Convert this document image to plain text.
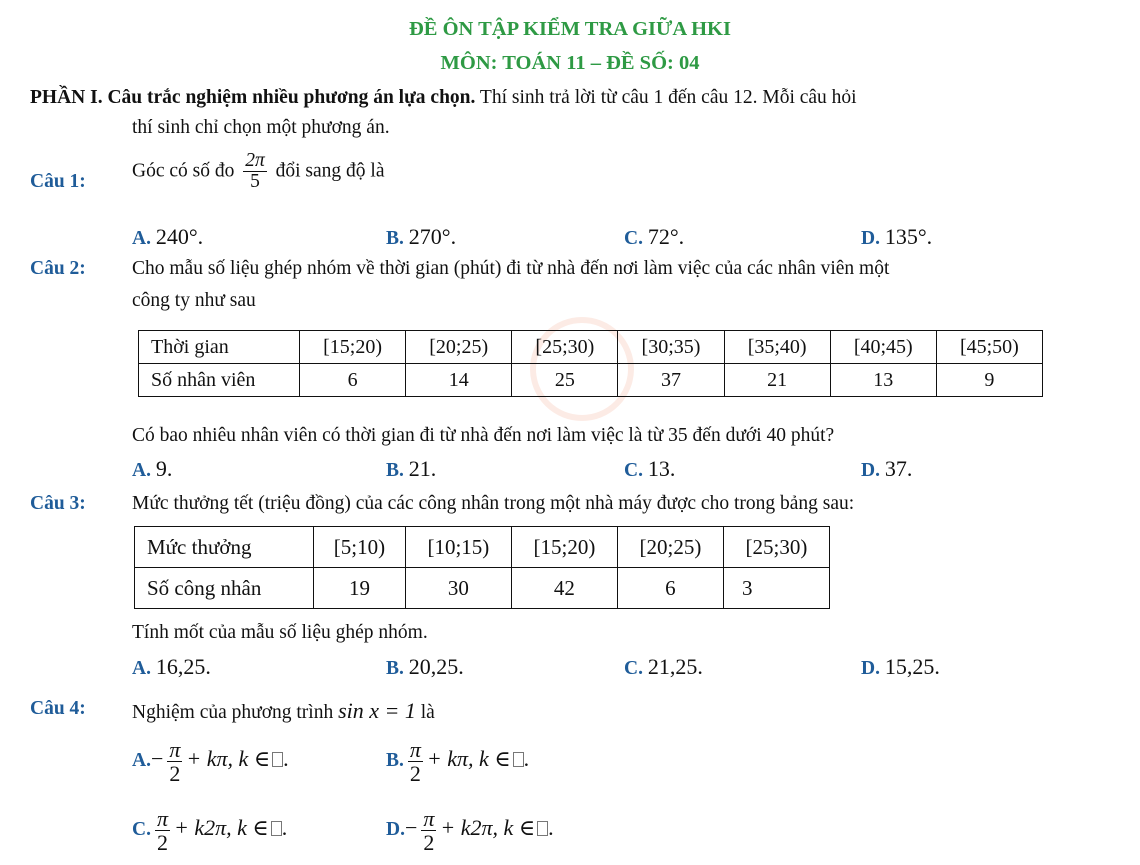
ĐỀ ÔN TẬP KIỂM TRA GIỮA HKI
MÔN: TOÁN 11 – ĐỀ SỐ: 04
PHẦN I. Câu trắc nghiệm nhiều phương án lựa chọn. Thí sinh trả lời từ câu 1 đến câu 12. Mỗi câu hỏi
thí sinh chỉ chọn một phương án.
Câu 1:
Góc có số đo $\frac{2\pi}{5}$ đổi sang độ là
A. 240°.	B. 270°.	C. 72°.	D. 135°.
Câu 2: Cho mẫu số liệu ghép nhóm về thời gian (phút) đi từ nhà đến nơi làm việc của các nhân viên một
công ty như sau
Thời gian	[15;20)	[20;25)	[25;30)	[30;35)	[35;40)	[40;45)	[45;50)
Số nhân viên	6	14	25	37	21	13	9
Có bao nhiêu nhân viên có thời gian đi từ nhà đến nơi làm việc là từ 35 đến dưới 40 phút?
A. 9.	B. 21.	C. 13.	D. 37.
Câu 3: Mức thưởng tết (triệu đồng) của các công nhân trong một nhà máy được cho trong bảng sau:
Mức thưởng	[5;10)	[10;15)	[15;20)	[20;25)	[25;30)
Số công nhân	19	30	42	6	3
Tính mốt của mẫu số liệu ghép nhóm.
A. 16,25.	B. 20,25.	C. 21,25.	D. 15,25.
Câu 4: Nghiệm của phương trình sin x = 1 là
$A.- \frac{\pi}{2} + k\pi$, k ∈ .	B. $\frac{\pi}{2} + k\pi$, k ∈ .
C. $\frac{\pi}{2} + k2\pi$, k ∈ .	$D.- \frac{\pi}{2} + k2\pi$, k ∈ .
